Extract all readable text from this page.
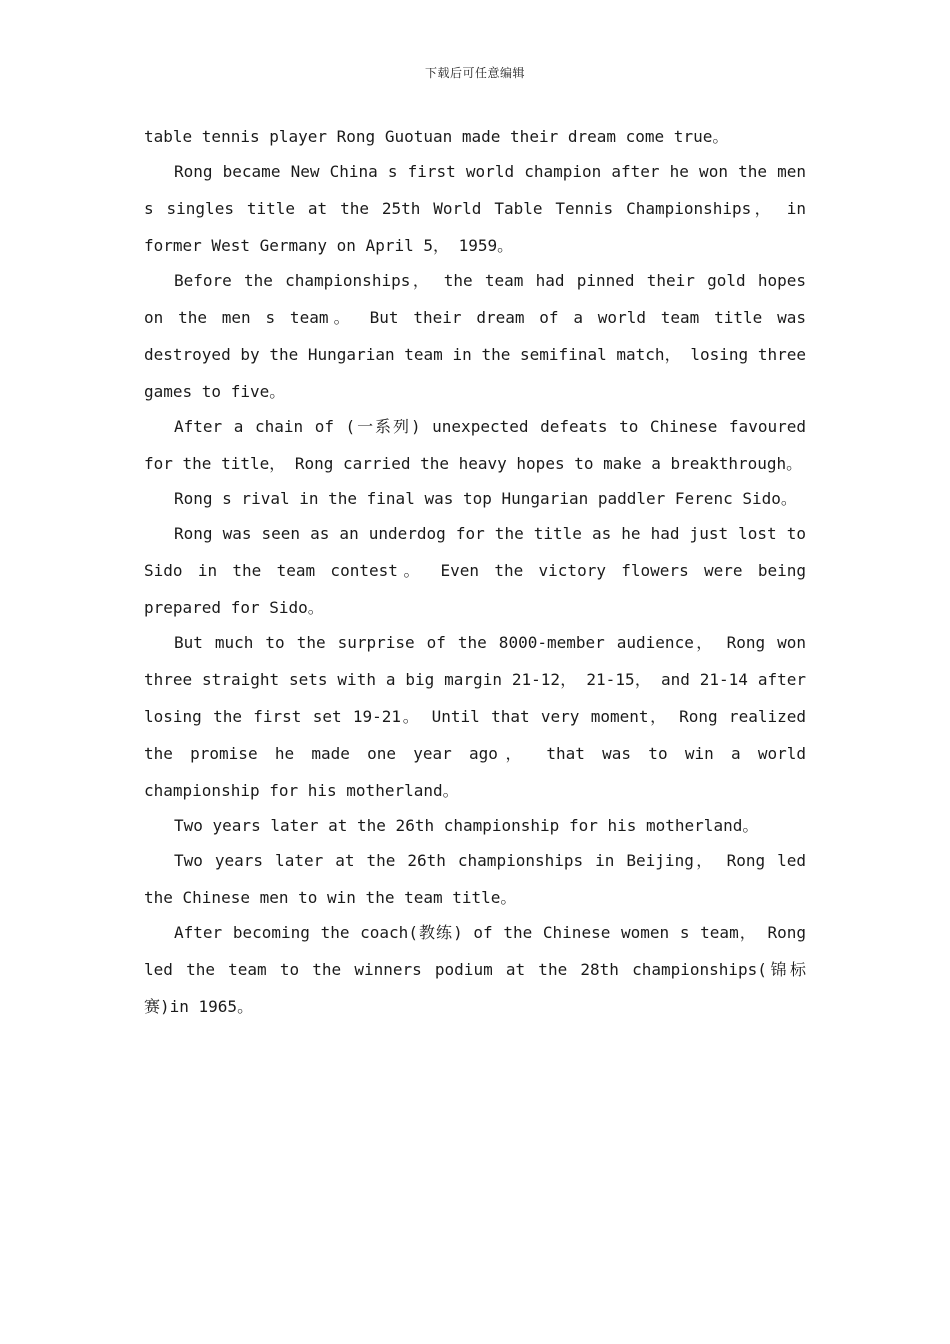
下载后可任意编辑

table tennis player Rong Guotuan made their dream come true。

Rong became New China s first world champion after he won the men s singles title at the 25th World Table Tennis Championships， in former West Germany on April 5， 1959。

Before the championships， the team had pinned their gold hopes on the men s team。 But their dream of a world team title was destroyed by the Hungarian team in the semifinal match， losing three games to five。

After a chain of (一系列) unexpected defeats to Chinese favoured for the title， Rong carried the heavy hopes to make a breakthrough。

Rong s rival in the final was top Hungarian paddler Ferenc Sido。

Rong was seen as an underdog for the title as he had just lost to Sido in the team contest。 Even the victory flowers were being prepared for Sido。

But much to the surprise of the 8000-member audience， Rong won three straight sets with a big margin 21-12， 21-15， and 21-14 after losing the first set 19-21。 Until that very moment， Rong realized the promise he made one year ago， that was to win a world championship for his motherland。

Two years later at the 26th championship for his motherland。

Two years later at the 26th championships in Beijing， Rong led the Chinese men to win the team title。

After becoming the coach(教练) of the Chinese women s team， Rong led the team to the winners podium at the 28th championships(锦标赛)in 1965。
